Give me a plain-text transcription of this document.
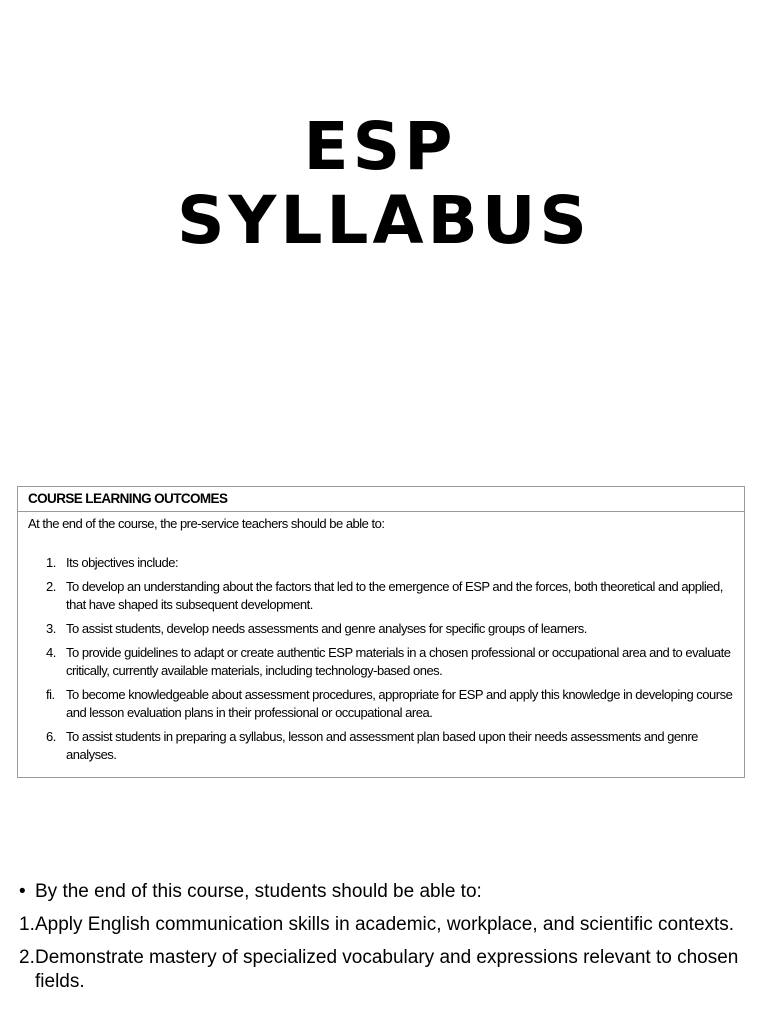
ESP
SYLLABUS
COURSE LEARNING OUTCOMES
At the end of the course, the pre-service teachers should be able to:
1. Its objectives include:
2. To develop an understanding about the factors that led to the emergence of ESP and the forces, both theoretical and applied, that have shaped its subsequent development.
3. To assist students, develop needs assessments and genre analyses for specific groups of learners.
4. To provide guidelines to adapt or create authentic ESP materials in a chosen professional or occupational area and to evaluate critically, currently available materials, including technology-based ones.
fi. To become knowledgeable about assessment procedures, appropriate for ESP and apply this knowledge in developing course and lesson evaluation plans in their professional or occupational area.
6. To assist students in preparing a syllabus, lesson and assessment plan based upon their needs assessments and genre analyses.
• By the end of this course, students should be able to:
1. Apply English communication skills in academic, workplace, and scientific contexts.
2. Demonstrate mastery of specialized vocabulary and expressions relevant to chosen fields.
